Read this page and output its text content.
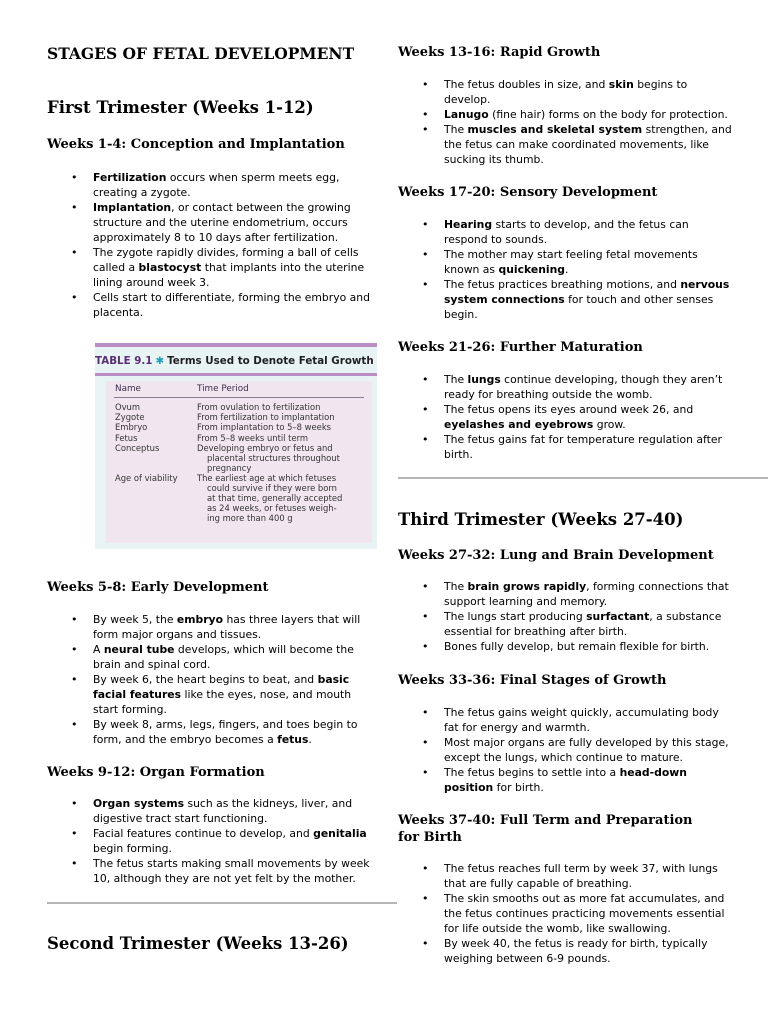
STAGES OF FETAL DEVELOPMENT
First Trimester (Weeks 1-12)
Weeks 1-4: Conception and Implantation
• Fertilization occurs when sperm meets egg, creating a zygote.
• Implantation, or contact between the growing structure and the uterine endometrium, occurs approximately 8 to 10 days after fertilization.
• The zygote rapidly divides, forming a ball of cells called a blastocyst that implants into the uterine lining around week 3.
• Cells start to differentiate, forming the embryo and placenta.
TABLE 9.1 ✱ Terms Used to Denote Fetal Growth
Name	Time Period
Ovum	From ovulation to fertilization
Zygote	From fertilization to implantation
Embryo	From implantation to 5–8 weeks
Fetus	From 5–8 weeks until term
Conceptus	Developing embryo or fetus and
placental structures throughout
pregnancy
Age of viability	The earliest age at which fetuses
could survive if they were born
at that time, generally accepted
as 24 weeks, or fetuses weigh-
ing more than 400 g
Weeks 5-8: Early Development
• By week 5, the embryo has three layers that will form major organs and tissues.
• A neural tube develops, which will become the brain and spinal cord.
• By week 6, the heart begins to beat, and basic facial features like the eyes, nose, and mouth start forming.
• By week 8, arms, legs, fingers, and toes begin to form, and the embryo becomes a fetus.
Weeks 9-12: Organ Formation
• Organ systems such as the kidneys, liver, and digestive tract start functioning.
• Facial features continue to develop, and genitalia begin forming.
• The fetus starts making small movements by week 10, although they are not yet felt by the mother.
Second Trimester (Weeks 13-26)
Weeks 13-16: Rapid Growth
• The fetus doubles in size, and skin begins to develop.
• Lanugo (fine hair) forms on the body for protection.
• The muscles and skeletal system strengthen, and the fetus can make coordinated movements, like sucking its thumb.
Weeks 17-20: Sensory Development
• Hearing starts to develop, and the fetus can respond to sounds.
• The mother may start feeling fetal movements known as quickening.
• The fetus practices breathing motions, and nervous system connections for touch and other senses begin.
Weeks 21-26: Further Maturation
• The lungs continue developing, though they aren’t ready for breathing outside the womb.
• The fetus opens its eyes around week 26, and eyelashes and eyebrows grow.
• The fetus gains fat for temperature regulation after birth.
Third Trimester (Weeks 27-40)
Weeks 27-32: Lung and Brain Development
• The brain grows rapidly, forming connections that support learning and memory.
• The lungs start producing surfactant, a substance essential for breathing after birth.
• Bones fully develop, but remain flexible for birth.
Weeks 33-36: Final Stages of Growth
• The fetus gains weight quickly, accumulating body fat for energy and warmth.
• Most major organs are fully developed by this stage, except the lungs, which continue to mature.
• The fetus begins to settle into a head-down position for birth.
Weeks 37-40: Full Term and Preparation for Birth
• The fetus reaches full term by week 37, with lungs that are fully capable of breathing.
• The skin smooths out as more fat accumulates, and the fetus continues practicing movements essential for life outside the womb, like swallowing.
• By week 40, the fetus is ready for birth, typically weighing between 6-9 pounds.
